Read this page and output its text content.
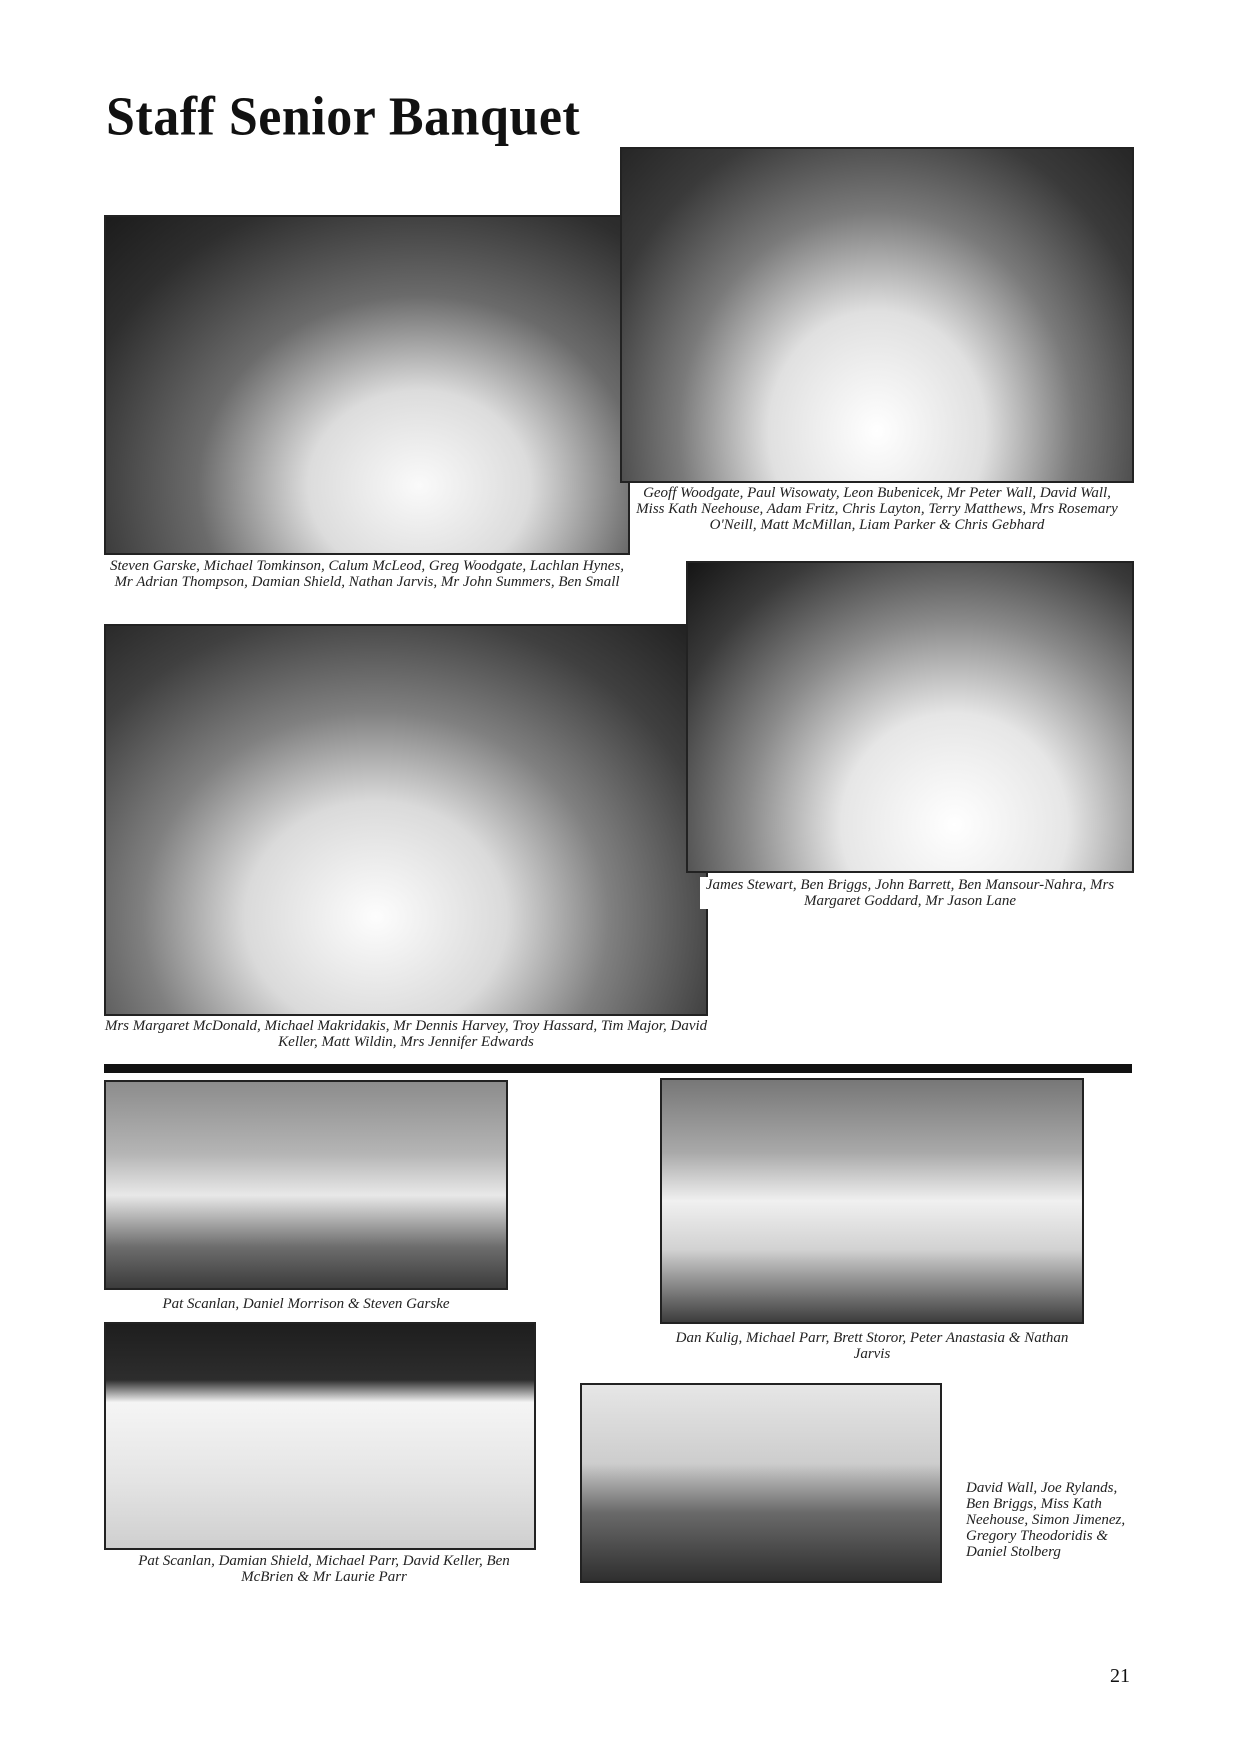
Staff Senior Banquet
Steven Garske, Michael Tomkinson, Calum McLeod, Greg Woodgate, Lachlan Hynes, Mr Adrian Thompson, Damian Shield, Nathan Jarvis, Mr John Summers, Ben Small
Geoff Woodgate, Paul Wisowaty, Leon Bubenicek, Mr Peter Wall, David Wall, Miss Kath Neehouse, Adam Fritz, Chris Layton, Terry Matthews, Mrs Rosemary O'Neill, Matt McMillan, Liam Parker & Chris Gebhard
Mrs Margaret McDonald, Michael Makridakis, Mr Dennis Harvey, Troy Hassard, Tim Major, David Keller, Matt Wildin, Mrs Jennifer Edwards
James Stewart, Ben Briggs, John Barrett, Ben Mansour-Nahra, Mrs Margaret Goddard, Mr Jason Lane
Pat Scanlan, Daniel Morrison & Steven Garske
Dan Kulig, Michael Parr, Brett Storor, Peter Anastasia & Nathan Jarvis
Pat Scanlan, Damian Shield, Michael Parr, David Keller, Ben McBrien & Mr Laurie Parr
David Wall, Joe Rylands, Ben Briggs, Miss Kath Neehouse, Simon Jimenez, Gregory Theodoridis & Daniel Stolberg
21
